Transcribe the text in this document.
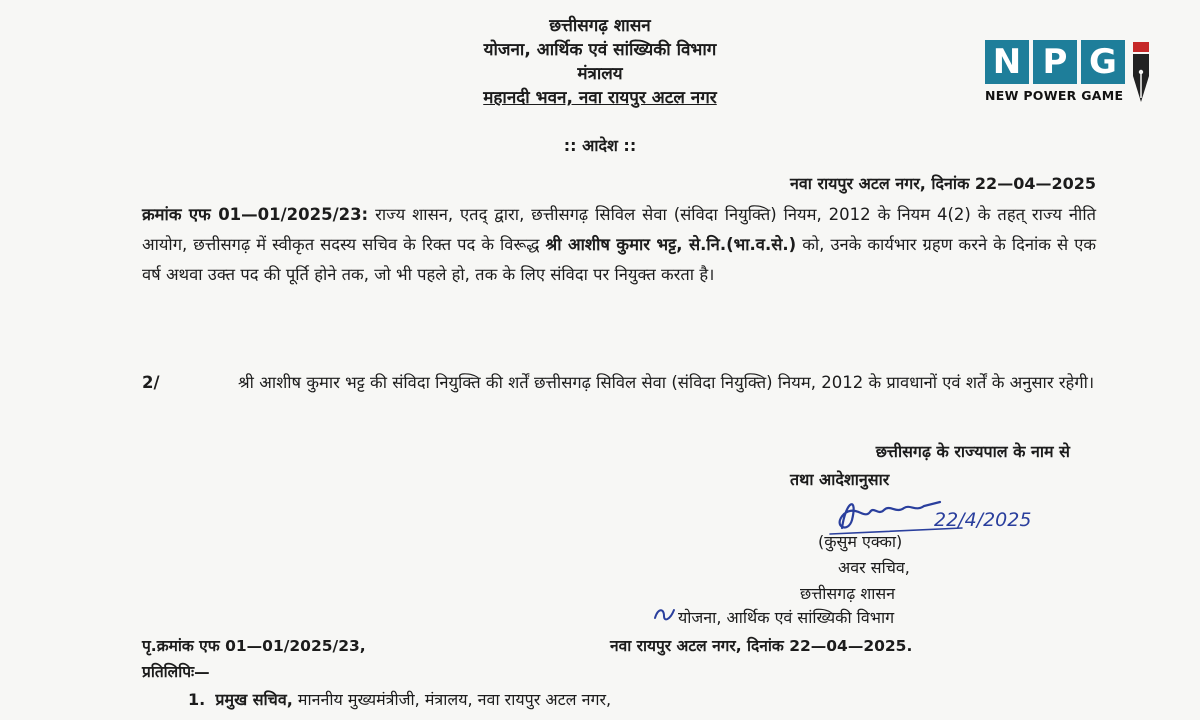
छत्तीसगढ़ शासन
योजना, आर्थिक एवं सांख्यिकी विभाग
मंत्रालय
महानदी भवन, नवा रायपुर अटल नगर
N P G
NEW POWER GAME
:: आदेश ::
नवा रायपुर अटल नगर, दिनांक 22—04—2025
क्रमांक एफ 01—01/2025/23: राज्य शासन, एतद् द्वारा, छत्तीसगढ़ सिविल सेवा (संविदा नियुक्ति) नियम, 2012 के नियम 4(2) के तहत् राज्य नीति आयोग, छत्तीसगढ़ में स्वीकृत सदस्य सचिव के रिक्त पद के विरूद्ध श्री आशीष कुमार भट्ट, से.नि.(भा.व.से.) को, उनके कार्यभार ग्रहण करने के दिनांक से एक वर्ष अथवा उक्त पद की पूर्ति होने तक, जो भी पहले हो, तक के लिए संविदा पर नियुक्त करता है।
2/	श्री आशीष कुमार भट्ट की संविदा नियुक्ति की शर्तें छत्तीसगढ़ सिविल सेवा (संविदा नियुक्ति) नियम, 2012 के प्रावधानों एवं शर्तें के अनुसार रहेगी।
छत्तीसगढ़ के राज्यपाल के नाम से
तथा आदेशानुसार
22/4/2025
(कुसुम एक्का)
अवर सचिव,
छत्तीसगढ़ शासन
योजना, आर्थिक एवं सांख्यिकी विभाग
पृ.क्रमांक एफ 01—01/2025/23,	नवा रायपुर अटल नगर, दिनांक 22—04—2025.
प्रतिलिपिः—
1. प्रमुख सचिव, माननीय मुख्यमंत्रीजी, मंत्रालय, नवा रायपुर अटल नगर,
